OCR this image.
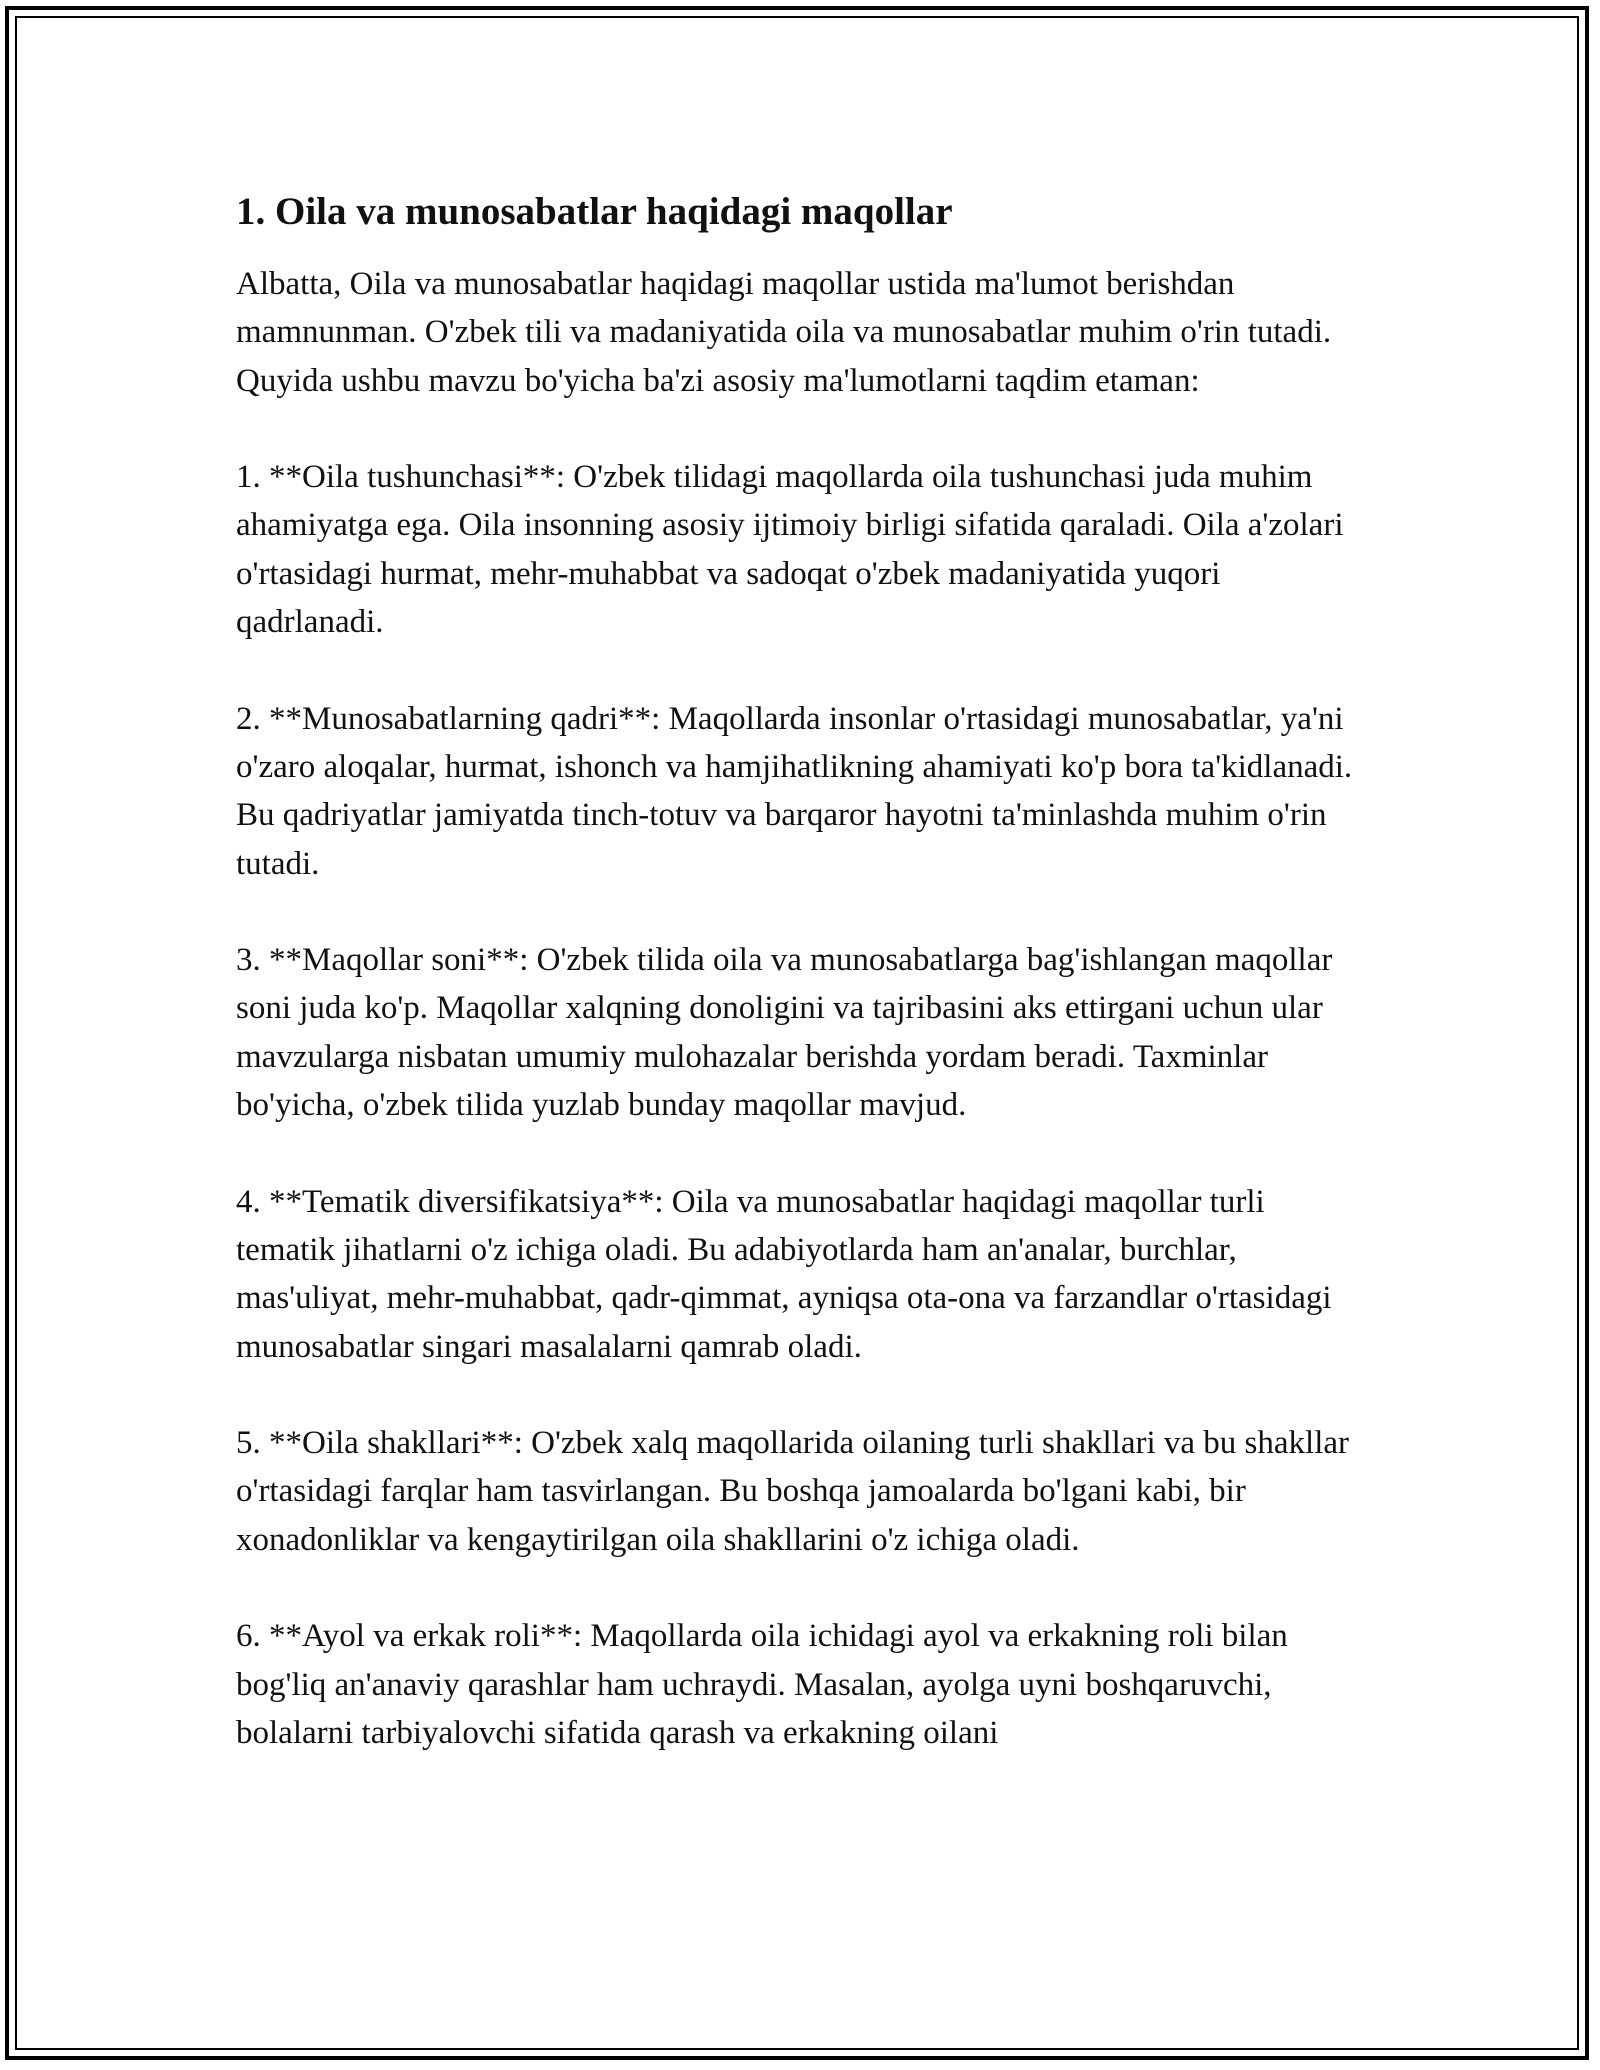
1. Oila va munosabatlar haqidagi maqollar

Albatta, Oila va munosabatlar haqidagi maqollar ustida ma'lumot berishdan mamnunman. O'zbek tili va madaniyatida oila va munosabatlar muhim o'rin tutadi. Quyida ushbu mavzu bo'yicha ba'zi asosiy ma'lumotlarni taqdim etaman:

1. **Oila tushunchasi**: O'zbek tilidagi maqollarda oila tushunchasi juda muhim ahamiyatga ega. Oila insonning asosiy ijtimoiy birligi sifatida qaraladi. Oila a'zolari o'rtasidagi hurmat, mehr-muhabbat va sadoqat o'zbek madaniyatida yuqori qadrlanadi.

2. **Munosabatlarning qadri**: Maqollarda insonlar o'rtasidagi munosabatlar, ya'ni o'zaro aloqalar, hurmat, ishonch va hamjihatlikning ahamiyati ko'p bora ta'kidlanadi. Bu qadriyatlar jamiyatda tinch-totuv va barqaror hayotni ta'minlashda muhim o'rin tutadi.

3. **Maqollar soni**: O'zbek tilida oila va munosabatlarga bag'ishlangan maqollar soni juda ko'p. Maqollar xalqning donoligini va tajribasini aks ettirgani uchun ular mavzularga nisbatan umumiy mulohazalar berishda yordam beradi. Taxminlar bo'yicha, o'zbek tilida yuzlab bunday maqollar mavjud.

4. **Tematik diversifikatsiya**: Oila va munosabatlar haqidagi maqollar turli tematik jihatlarni o'z ichiga oladi. Bu adabiyotlarda ham an'analar, burchlar, mas'uliyat, mehr-muhabbat, qadr-qimmat, ayniqsa ota-ona va farzandlar o'rtasidagi munosabatlar singari masalalarni qamrab oladi.

5. **Oila shakllari**: O'zbek xalq maqollarida oilaning turli shakllari va bu shakllar o'rtasidagi farqlar ham tasvirlangan. Bu boshqa jamoalarda bo'lgani kabi, bir xonadonliklar va kengaytirilgan oila shakllarini o'z ichiga oladi.

6. **Ayol va erkak roli**: Maqollarda oila ichidagi ayol va erkakning roli bilan bog'liq an'anaviy qarashlar ham uchraydi. Masalan, ayolga uyni boshqaruvchi, bolalarni tarbiyalovchi sifatida qarash va erkakning oilani
